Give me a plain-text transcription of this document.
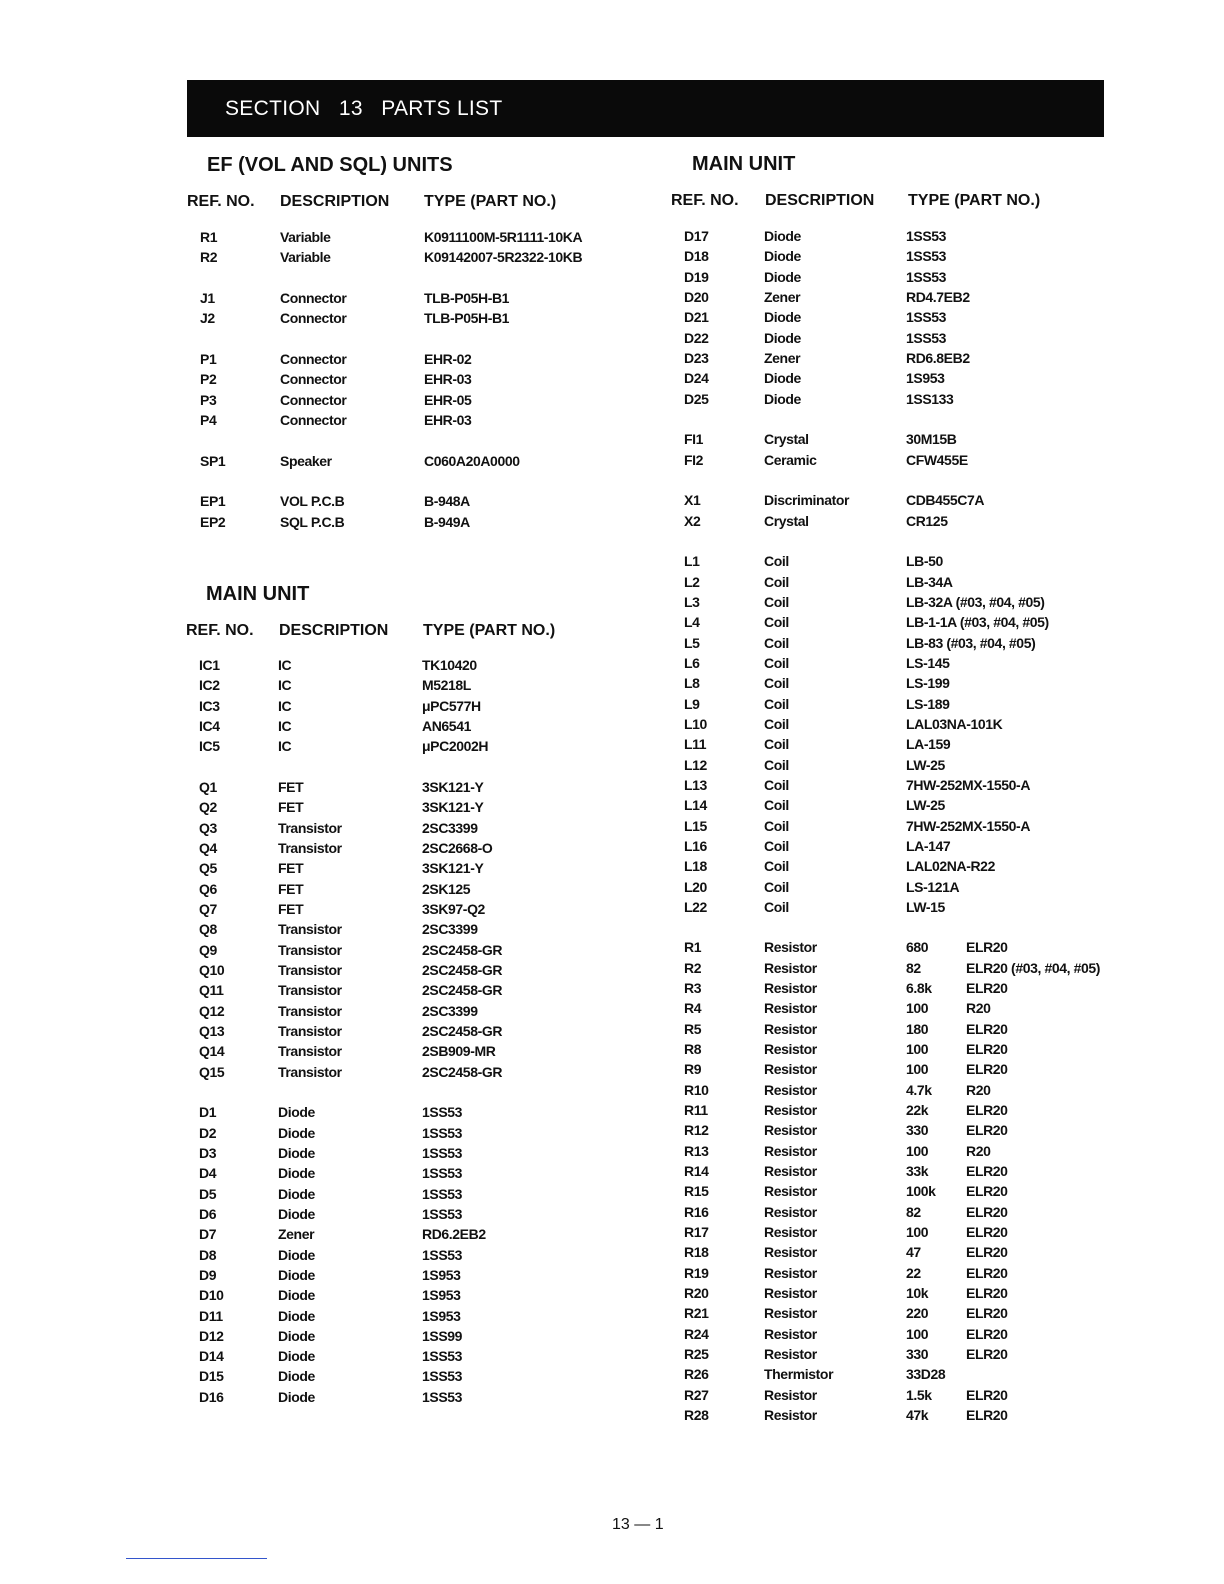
SECTION 13 PARTS LIST
EF (VOL AND SQL) UNITS
REF. NO. DESCRIPTION TYPE (PART NO.)
R1	Variable	K0911100M-5R1111-10KA
R2	Variable	K09142007-5R2322-10KB
J1	Connector	TLB-P05H-B1
J2	Connector	TLB-P05H-B1
P1	Connector	EHR-02
P2	Connector	EHR-03
P3	Connector	EHR-05
P4	Connector	EHR-03
SP1	Speaker	C060A20A0000
EP1	VOL P.C.B	B-948A
EP2	SQL P.C.B	B-949A
MAIN UNIT
REF. NO. DESCRIPTION TYPE (PART NO.)
IC1	IC	TK10420
IC2	IC	M5218L
IC3	IC	μPC577H
IC4	IC	AN6541
IC5	IC	μPC2002H
Q1	FET	3SK121-Y
Q2	FET	3SK121-Y
Q3	Transistor	2SC3399
Q4	Transistor	2SC2668-O
Q5	FET	3SK121-Y
Q6	FET	2SK125
Q7	FET	3SK97-Q2
Q8	Transistor	2SC3399
Q9	Transistor	2SC2458-GR
Q10	Transistor	2SC2458-GR
Q11	Transistor	2SC2458-GR
Q12	Transistor	2SC3399
Q13	Transistor	2SC2458-GR
Q14	Transistor	2SB909-MR
Q15	Transistor	2SC2458-GR
D1	Diode	1SS53
D2	Diode	1SS53
D3	Diode	1SS53
D4	Diode	1SS53
D5	Diode	1SS53
D6	Diode	1SS53
D7	Zener	RD6.2EB2
D8	Diode	1SS53
D9	Diode	1S953
D10	Diode	1S953
D11	Diode	1S953
D12	Diode	1SS99
D14	Diode	1SS53
D15	Diode	1SS53
D16	Diode	1SS53
MAIN UNIT
REF. NO. DESCRIPTION TYPE (PART NO.)
D17	Diode	1SS53
D18	Diode	1SS53
D19	Diode	1SS53
D20	Zener	RD4.7EB2
D21	Diode	1SS53
D22	Diode	1SS53
D23	Zener	RD6.8EB2
D24	Diode	1S953
D25	Diode	1SS133
FI1	Crystal	30M15B
FI2	Ceramic	CFW455E
X1	Discriminator	CDB455C7A
X2	Crystal	CR125
L1	Coil	LB-50
L2	Coil	LB-34A
L3	Coil	LB-32A (#03, #04, #05)
L4	Coil	LB-1-1A (#03, #04, #05)
L5	Coil	LB-83 (#03, #04, #05)
L6	Coil	LS-145
L8	Coil	LS-199
L9	Coil	LS-189
L10	Coil	LAL03NA-101K
L11	Coil	LA-159
L12	Coil	LW-25
L13	Coil	7HW-252MX-1550-A
L14	Coil	LW-25
L15	Coil	7HW-252MX-1550-A
L16	Coil	LA-147
L18	Coil	LAL02NA-R22
L20	Coil	LS-121A
L22	Coil	LW-15
R1	Resistor	680	ELR20
R2	Resistor	82	ELR20 (#03, #04, #05)
R3	Resistor	6.8k ELR20
R4	Resistor	100	R20
R5	Resistor	180	ELR20
R8	Resistor	100	ELR20
R9	Resistor	100	ELR20
R10	Resistor	4.7k R20
R11	Resistor	22k	ELR20
R12	Resistor	330	ELR20
R13	Resistor	100	R20
R14	Resistor	33k	ELR20
R15	Resistor	100k ELR20
R16	Resistor	82	ELR20
R17	Resistor	100	ELR20
R18	Resistor	47	ELR20
R19	Resistor	22	ELR20
R20	Resistor	10k	ELR20
R21	Resistor	220	ELR20
R24	Resistor	100	ELR20
R25	Resistor	330	ELR20
R26	Thermistor	33D28
R27	Resistor	1.5k ELR20
R28	Resistor	47k	ELR20
13 — 1
